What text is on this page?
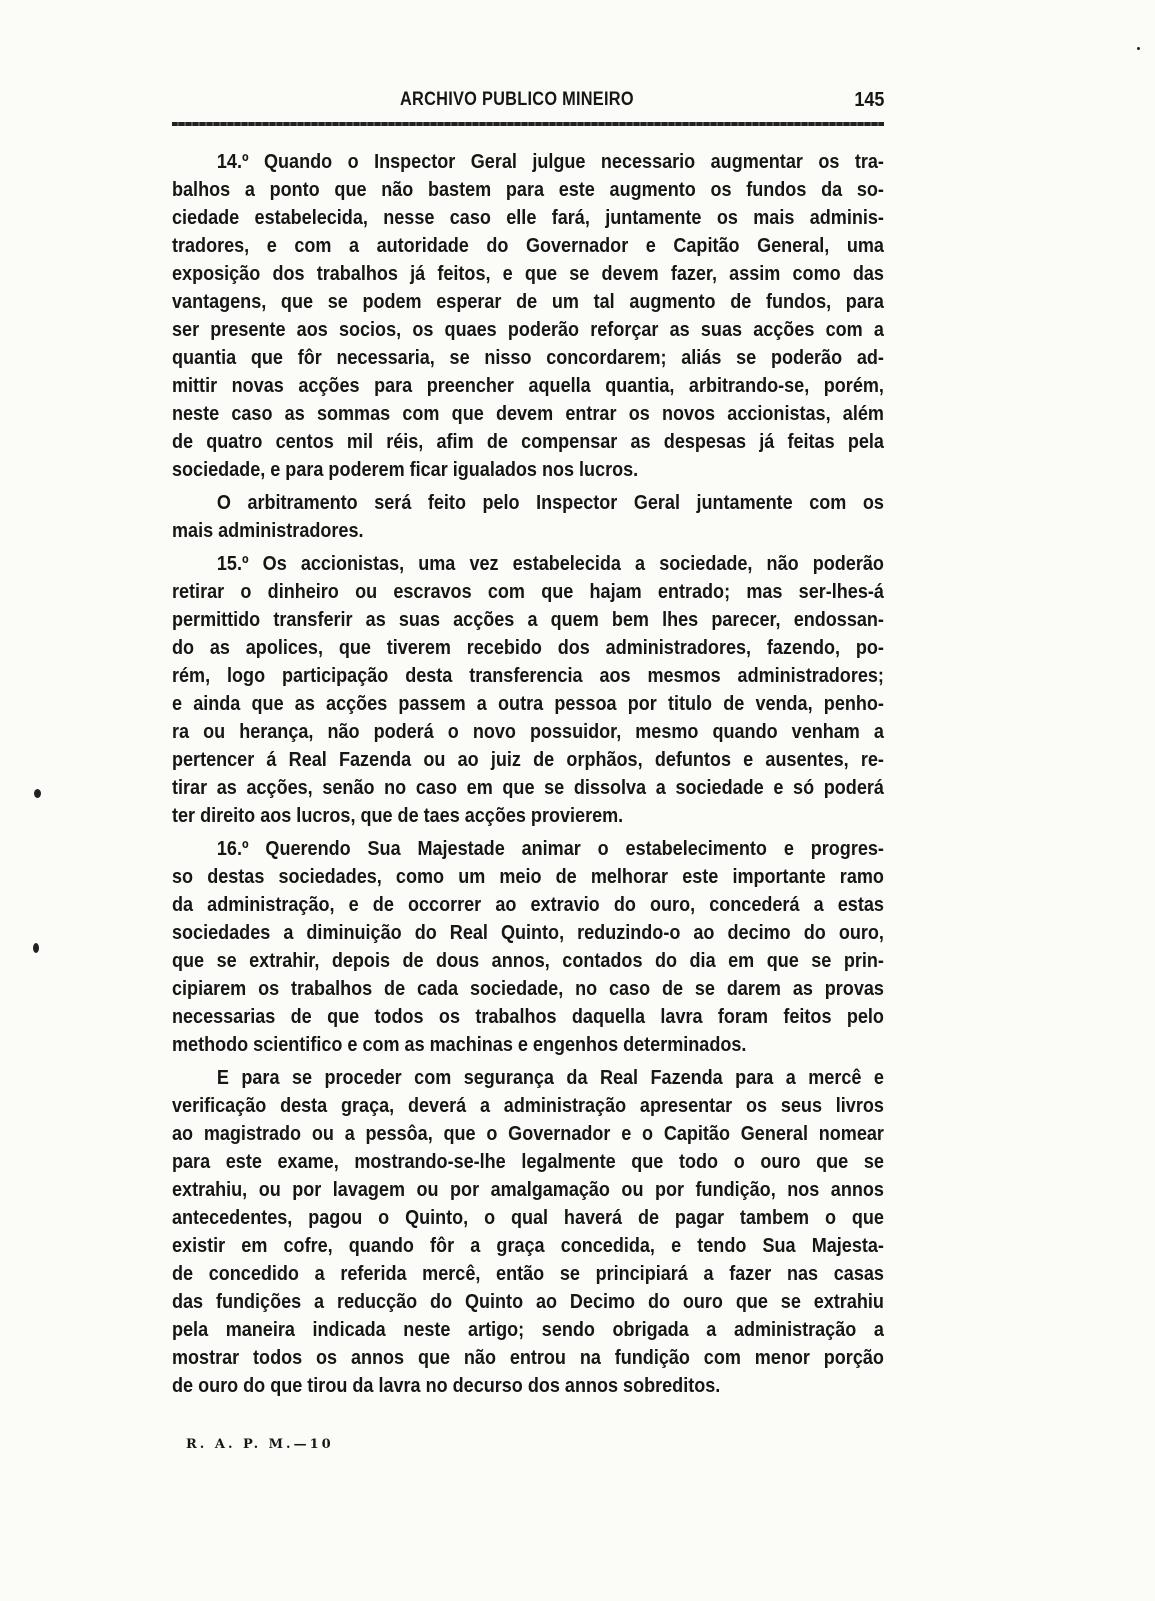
ARCHIVO PUBLICO MINEIRO	145
14.º Quando o Inspector Geral julgue necessario augmentar os tra-
balhos a ponto que não bastem para este augmento os fundos da so-
ciedade estabelecida, nesse caso elle fará, juntamente os mais adminis-
tradores, e com a autoridade do Governador e Capitão General, uma
exposição dos trabalhos já feitos, e que se devem fazer, assim como das
vantagens, que se podem esperar de um tal augmento de fundos, para
ser presente aos socios, os quaes poderão reforçar as suas acções com a
quantia que fôr necessaria, se nisso concordarem; aliás se poderão ad-
mittir novas acções para preencher aquella quantia, arbitrando-se, porém,
neste caso as sommas com que devem entrar os novos accionistas, além
de quatro centos mil réis, afim de compensar as despesas já feitas pela
sociedade, e para poderem ficar igualados nos lucros.
O arbitramento será feito pelo Inspector Geral juntamente com os
mais administradores.
15.º Os accionistas, uma vez estabelecida a sociedade, não poderão
retirar o dinheiro ou escravos com que hajam entrado; mas ser-lhes-á
permittido transferir as suas acções a quem bem lhes parecer, endossan-
do as apolices, que tiverem recebido dos administradores, fazendo, po-
rém, logo participação desta transferencia aos mesmos administradores;
e ainda que as acções passem a outra pessoa por titulo de venda, penho-
ra ou herança, não poderá o novo possuidor, mesmo quando venham a
pertencer á Real Fazenda ou ao juiz de orphãos, defuntos e ausentes, re-
tirar as acções, senão no caso em que se dissolva a sociedade e só poderá
ter direito aos lucros, que de taes acções provierem.
16.º Querendo Sua Majestade animar o estabelecimento e progres-
so destas sociedades, como um meio de melhorar este importante ramo
da administração, e de occorrer ao extravio do ouro, concederá a estas
sociedades a diminuição do Real Quinto, reduzindo-o ao decimo do ouro,
que se extrahir, depois de dous annos, contados do dia em que se prin-
cipiarem os trabalhos de cada sociedade, no caso de se darem as provas
necessarias de que todos os trabalhos daquella lavra foram feitos pelo
methodo scientifico e com as machinas e engenhos determinados.
E para se proceder com segurança da Real Fazenda para a mercê e
verificação desta graça, deverá a administração apresentar os seus livros
ao magistrado ou a pessôa, que o Governador e o Capitão General nomear
para este exame, mostrando-se-lhe legalmente que todo o ouro que se
extrahiu, ou por lavagem ou por amalgamação ou por fundição, nos annos
antecedentes, pagou o Quinto, o qual haverá de pagar tambem o que
existir em cofre, quando fôr a graça concedida, e tendo Sua Majesta-
de concedido a referida mercê, então se principiará a fazer nas casas
das fundições a reducção do Quinto ao Decimo do ouro que se extrahiu
pela maneira indicada neste artigo; sendo obrigada a administração a
mostrar todos os annos que não entrou na fundição com menor porção
de ouro do que tirou da lavra no decurso dos annos sobreditos.
R. A. P. M.—10
